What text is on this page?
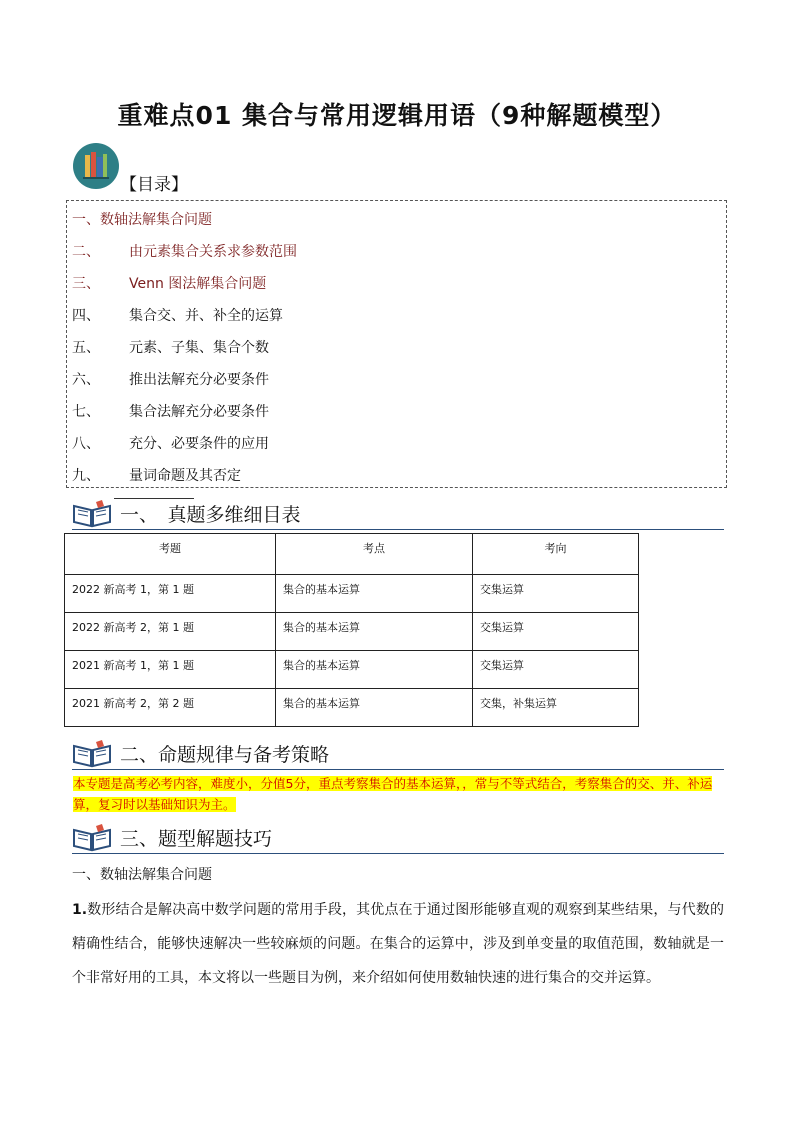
重难点01 集合与常用逻辑用语（9种解题模型）
【目录】
一、数轴法解集合问题
二、 由元素集合关系求参数范围
三、 Venn 图法解集合问题
四、 集合交、并、补全的运算
五、 元素、子集、集合个数
六、 推出法解充分必要条件
七、 集合法解充分必要条件
八、 充分、必要条件的应用
九、 量词命题及其否定
一、　真题多维细目表
考题	考点	考向
2022 新高考 1，第 1 题	集合的基本运算	交集运算
2022 新高考 2，第 1 题	集合的基本运算	交集运算
2021 新高考 1，第 1 题	集合的基本运算	交集运算
2021 新高考 2，第 2 题	集合的基本运算	交集，补集运算
二、命题规律与备考策略
本专题是高考必考内容，难度小，分值5分，重点考察集合的基本运算，，常与不等式结合，考察集合的交、并、补运算，复习时以基础知识为主。
三、题型解题技巧
一、数轴法解集合问题
1.数形结合是解决高中数学问题的常用手段，其优点在于通过图形能够直观的观察到某些结果，与代数的精确性结合，能够快速解决一些较麻烦的问题。在集合的运算中，涉及到单变量的取值范围，数轴就是一个非常好用的工具，本文将以一些题目为例，来介绍如何使用数轴快速的进行集合的交并运算。
